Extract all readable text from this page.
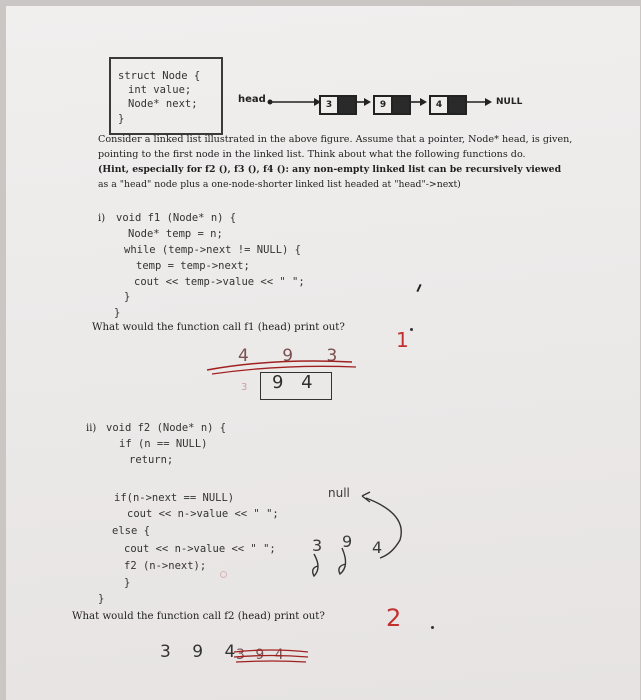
struct Node {
int value;
Node* next;
}
head	3	9	4	NULL
Consider a linked list illustrated in the above figure. Assume that a pointer, Node* head, is given,
pointing to the first node in the linked list. Think about what the following functions do.
(Hint, especially for f2 (), f3 (), f4 (): any non-empty linked list can be recursively viewed
as a "head" node plus a one-node-shorter linked list headed at "head"->next)
i) void f1 (Node* n) {
Node* temp = n;
while (temp->next != NULL) {
temp = temp->next;
cout << temp->value << " ";
}
}
What would the function call f1 (head) print out?
4 9 3
3 9 4
1
ii) void f2 (Node* n) {
if (n == NULL)
return;
if(n->next == NULL)
cout << n->value << " ";
else {
cout << n->value << " ";
f2 (n->next);
}
}
What would the function call f2 (head) print out?
null
3 9 4
3 9 4
3 9 4
2
